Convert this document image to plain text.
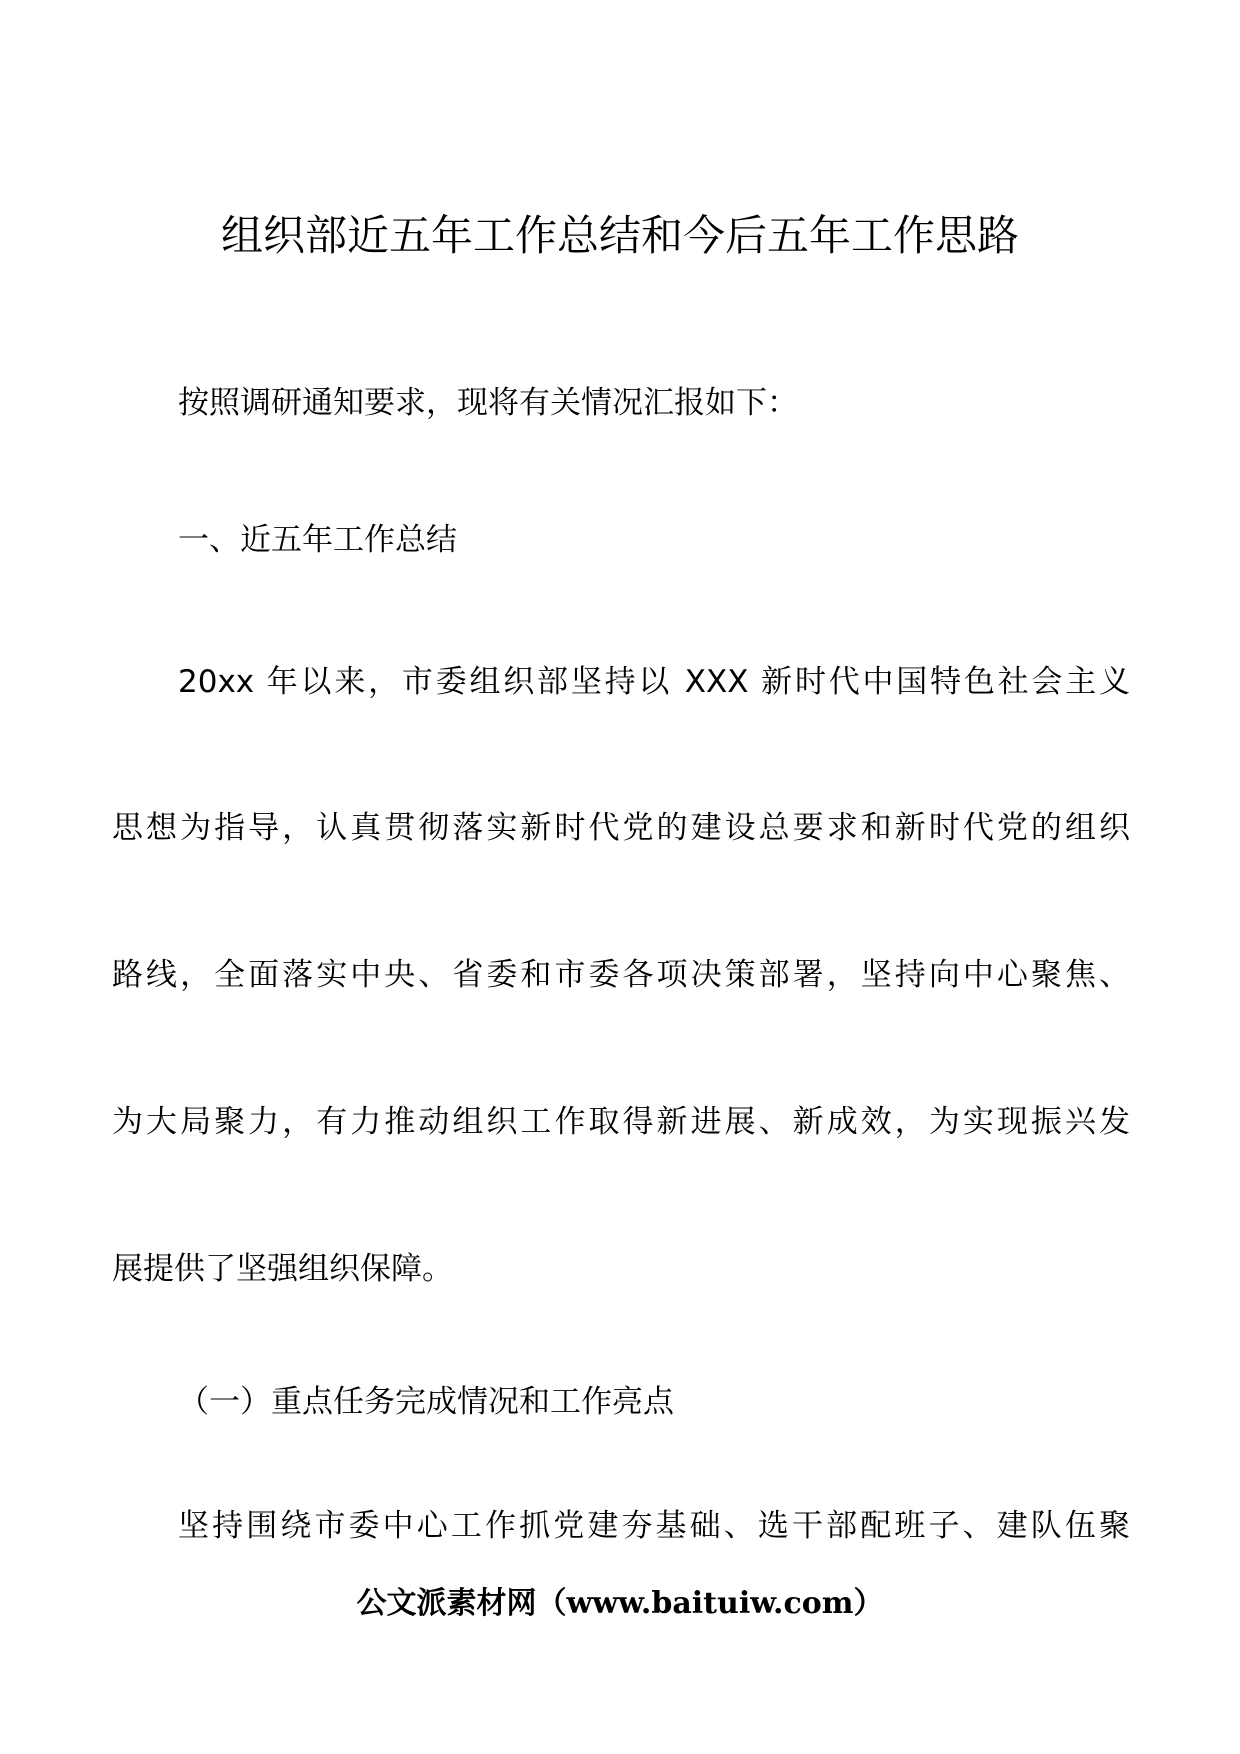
组织部近五年工作总结和今后五年工作思路
按照调研通知要求，现将有关情况汇报如下：
一、近五年工作总结
20xx 年以来，市委组织部坚持以 XXX 新时代中国特色社会主义
思想为指导，认真贯彻落实新时代党的建设总要求和新时代党的组织
路线，全面落实中央、省委和市委各项决策部署，坚持向中心聚焦、
为大局聚力，有力推动组织工作取得新进展、新成效，为实现振兴发
展提供了坚强组织保障。
（一）重点任务完成情况和工作亮点
坚持围绕市委中心工作抓党建夯基础、选干部配班子、建队伍聚
公文派素材网（www.baituiw.com）
